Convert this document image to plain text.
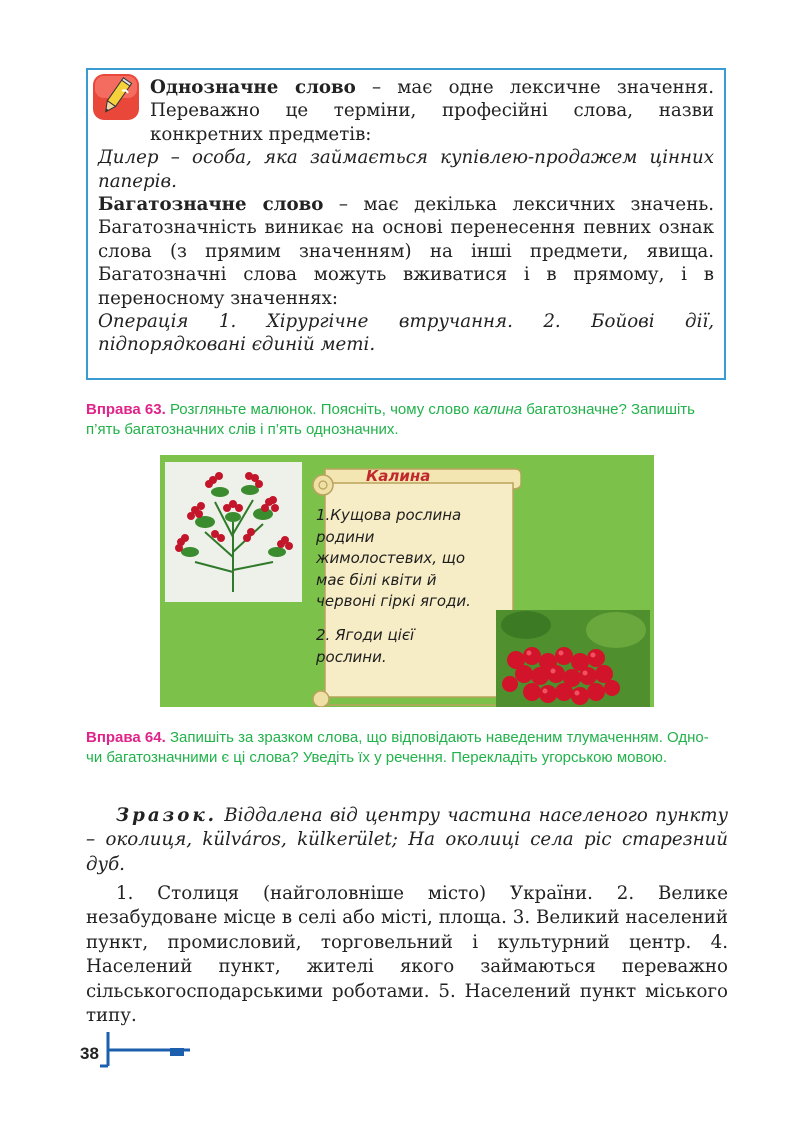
Однозначне слово – має одне лексичне значення. Переважно це терміни, професійні слова, назви конкретних предметів:

Дилер – особа, яка займається купівлею-продажем цінних паперів.

Багатозначне слово – має декілька лексичних значень. Багатозначність виникає на основі перенесення певних ознак слова (з прямим значенням) на інші предмети, явища. Багатозначні слова можуть вживатися і в прямому, і в переносному значеннях:

Операція 1. Хірургічне втручання. 2. Бойові дії, підпорядковані єдиній меті.

Вправа 63. Розгляньте малюнок. Поясніть, чому слово калина багатозначне? Запишіть п’ять багатозначних слів і п’ять однозначних.
Калина
1.Кущова рослина
родини
жимолостевих, що
має білі квіти й
червоні гіркі ягоди.
2. Ягоди цієї
рослини.
Вправа 64. Запишіть за зразком слова, що відповідають наведеним тлумаченням. Одно- чи багатозначними є ці слова? Уведіть їх у речення. Перекладіть угорською мовою.

Зразок. Віддалена від центру частина населеного пункту – околиця, külváros, külkerület; На околиці села ріс старезний дуб.

1. Столиця (найголовніше місто) України. 2. Велике незабудоване місце в селі або місті, площа. 3. Великий населений пункт, промисловий, торговельний і культурний центр. 4. Населений пункт, жителі якого займаються переважно сільськогосподарськими роботами. 5. Населений пункт міського типу.

38
